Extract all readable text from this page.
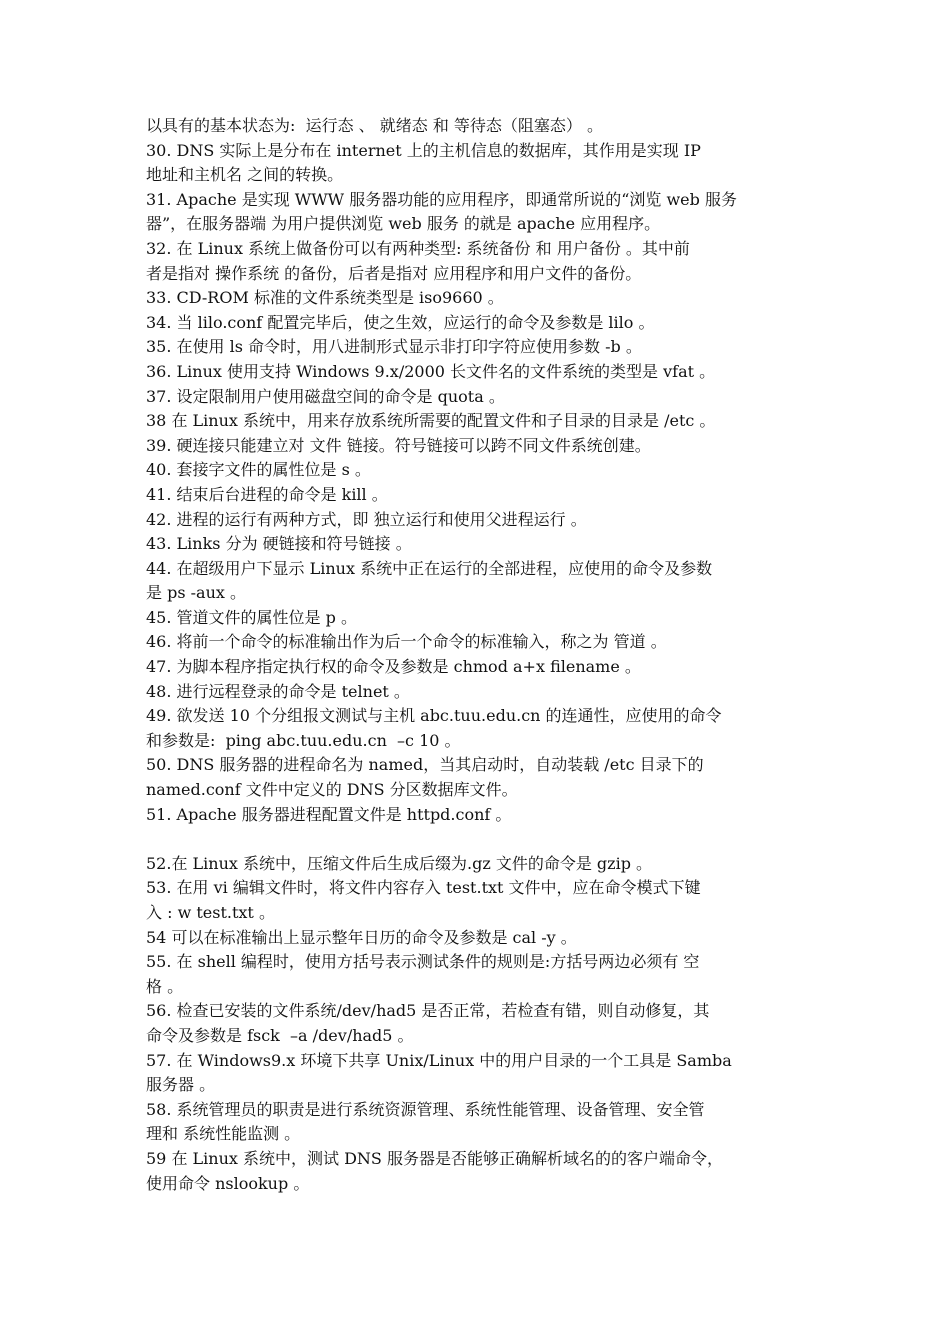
以具有的基本状态为:  运行态 、 就绪态 和 等待态（阻塞态） 。
30. DNS 实际上是分布在 internet 上的主机信息的数据库，其作用是实现 IP
地址和主机名 之间的转换。
31. Apache 是实现 WWW 服务器功能的应用程序，即通常所说的“浏览 web 服务
器”，在服务器端 为用户提供浏览 web 服务 的就是 apache 应用程序。
32. 在 Linux 系统上做备份可以有两种类型: 系统备份 和 用户备份 。其中前
者是指对 操作系统 的备份，后者是指对 应用程序和用户文件的备份。
33. CD-ROM 标准的文件系统类型是 iso9660 。
34. 当 lilo.conf 配置完毕后，使之生效，应运行的命令及参数是 lilo 。
35. 在使用 ls 命令时，用八进制形式显示非打印字符应使用参数 -b 。
36. Linux 使用支持 Windows 9.x/2000 长文件名的文件系统的类型是 vfat 。
37. 设定限制用户使用磁盘空间的命令是 quota 。
38 在 Linux 系统中，用来存放系统所需要的配置文件和子目录的目录是 /etc 。
39. 硬连接只能建立对 文件 链接。符号链接可以跨不同文件系统创建。
40. 套接字文件的属性位是 s 。
41. 结束后台进程的命令是 kill 。
42. 进程的运行有两种方式，即 独立运行和使用父进程运行 。
43. Links 分为 硬链接和符号链接 。
44. 在超级用户下显示 Linux 系统中正在运行的全部进程，应使用的命令及参数
是 ps -aux 。
45. 管道文件的属性位是 p 。
46. 将前一个命令的标准输出作为后一个命令的标准输入，称之为 管道 。
47. 为脚本程序指定执行权的命令及参数是 chmod a+x filename 。
48. 进行远程登录的命令是 telnet 。
49. 欲发送 10 个分组报文测试与主机 abc.tuu.edu.cn 的连通性，应使用的命令
和参数是:  ping abc.tuu.edu.cn  –c 10 。
50. DNS 服务器的进程命名为 named，当其启动时，自动装载 /etc 目录下的
named.conf 文件中定义的 DNS 分区数据库文件。
51. Apache 服务器进程配置文件是 httpd.conf 。
52.在 Linux 系统中，压缩文件后生成后缀为.gz 文件的命令是 gzip 。
53. 在用 vi 编辑文件时，将文件内容存入 test.txt 文件中，应在命令模式下键
入 : w test.txt 。
54 可以在标准输出上显示整年日历的命令及参数是 cal -y 。
55. 在 shell 编程时，使用方括号表示测试条件的规则是:方括号两边必须有 空
格 。
56. 检查已安装的文件系统/dev/had5 是否正常，若检查有错，则自动修复，其
命令及参数是 fsck  –a /dev/had5 。
57. 在 Windows9.x 环境下共享 Unix/Linux 中的用户目录的一个工具是 Samba
服务器 。
58. 系统管理员的职责是进行系统资源管理、系统性能管理、设备管理、安全管
理和 系统性能监测 。
59 在 Linux 系统中，测试 DNS 服务器是否能够正确解析域名的的客户端命令，
使用命令 nslookup 。
